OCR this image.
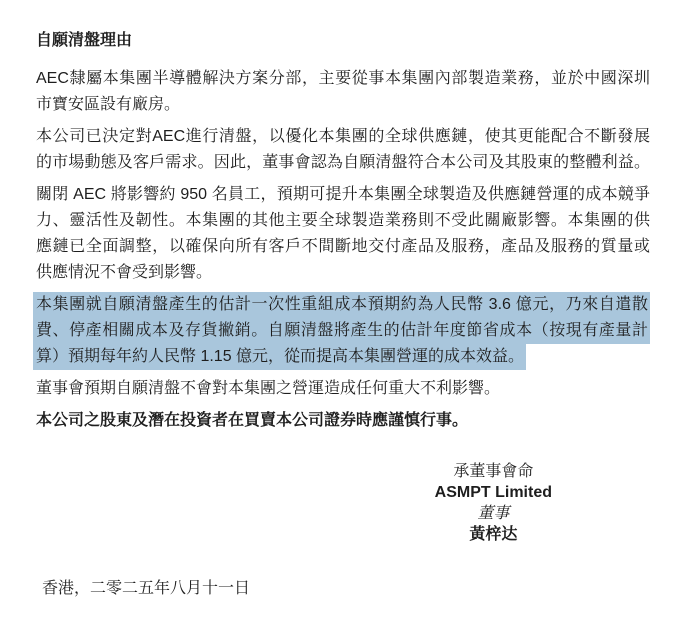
自願清盤理由
AEC隸屬本集團半導體解決方案分部，主要從事本集團內部製造業務，並於中國深圳
市寶安區設有廠房。
本公司已決定對AEC進行清盤，以優化本集團的全球供應鏈，使其更能配合不斷發展
的市場動態及客戶需求。因此，董事會認為自願清盤符合本公司及其股東的整體利益。
關閉 AEC 將影響約 950 名員工，預期可提升本集團全球製造及供應鏈營運的成本競爭
力、靈活性及韌性。本集團的其他主要全球製造業務則不受此關廠影響。本集團的供
應鏈已全面調整，以確保向所有客戶不間斷地交付產品及服務，產品及服務的質量或
供應情況不會受到影響。
本集團就自願清盤產生的估計一次性重組成本預期約為人民幣 3.6 億元，乃來自遣散
費、停產相關成本及存貨撇銷。自願清盤將產生的估計年度節省成本（按現有產量計
算）預期每年約人民幣 1.15 億元，從而提高本集團營運的成本效益。
董事會預期自願清盤不會對本集團之營運造成任何重大不利影響。
本公司之股東及潛在投資者在買賣本公司證券時應謹慎行事。
承董事會命
ASMPT Limited
董事
黃梓达
香港，二零二五年八月十一日
